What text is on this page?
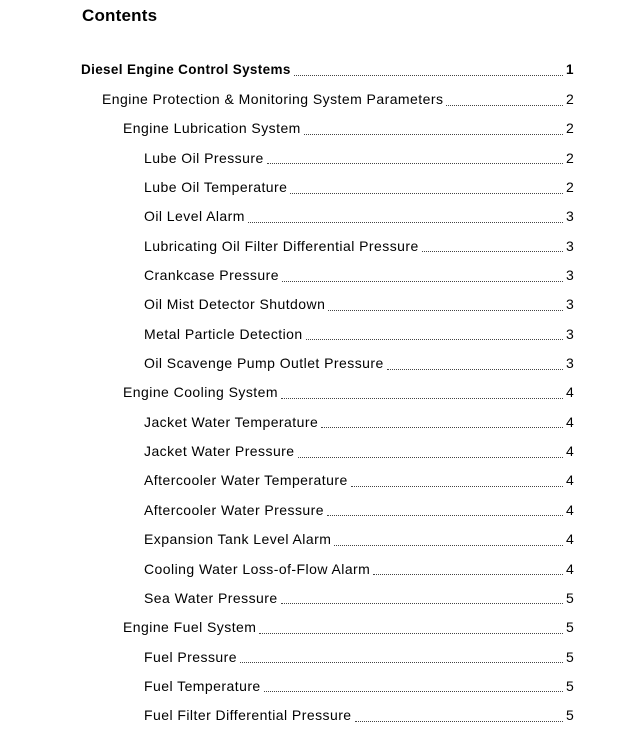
Contents
Diesel Engine Control Systems	1
Engine Protection & Monitoring System Parameters	2
Engine Lubrication System	2
Lube Oil Pressure	2
Lube Oil Temperature	2
Oil Level Alarm	3
Lubricating Oil Filter Differential Pressure	3
Crankcase Pressure	3
Oil Mist Detector Shutdown	3
Metal Particle Detection	3
Oil Scavenge Pump Outlet Pressure	3
Engine Cooling System	4
Jacket Water Temperature	4
Jacket Water Pressure	4
Aftercooler Water Temperature	4
Aftercooler Water Pressure	4
Expansion Tank Level Alarm	4
Cooling Water Loss-of-Flow Alarm	4
Sea Water Pressure	5
Engine Fuel System	5
Fuel Pressure	5
Fuel Temperature	5
Fuel Filter Differential Pressure	5
